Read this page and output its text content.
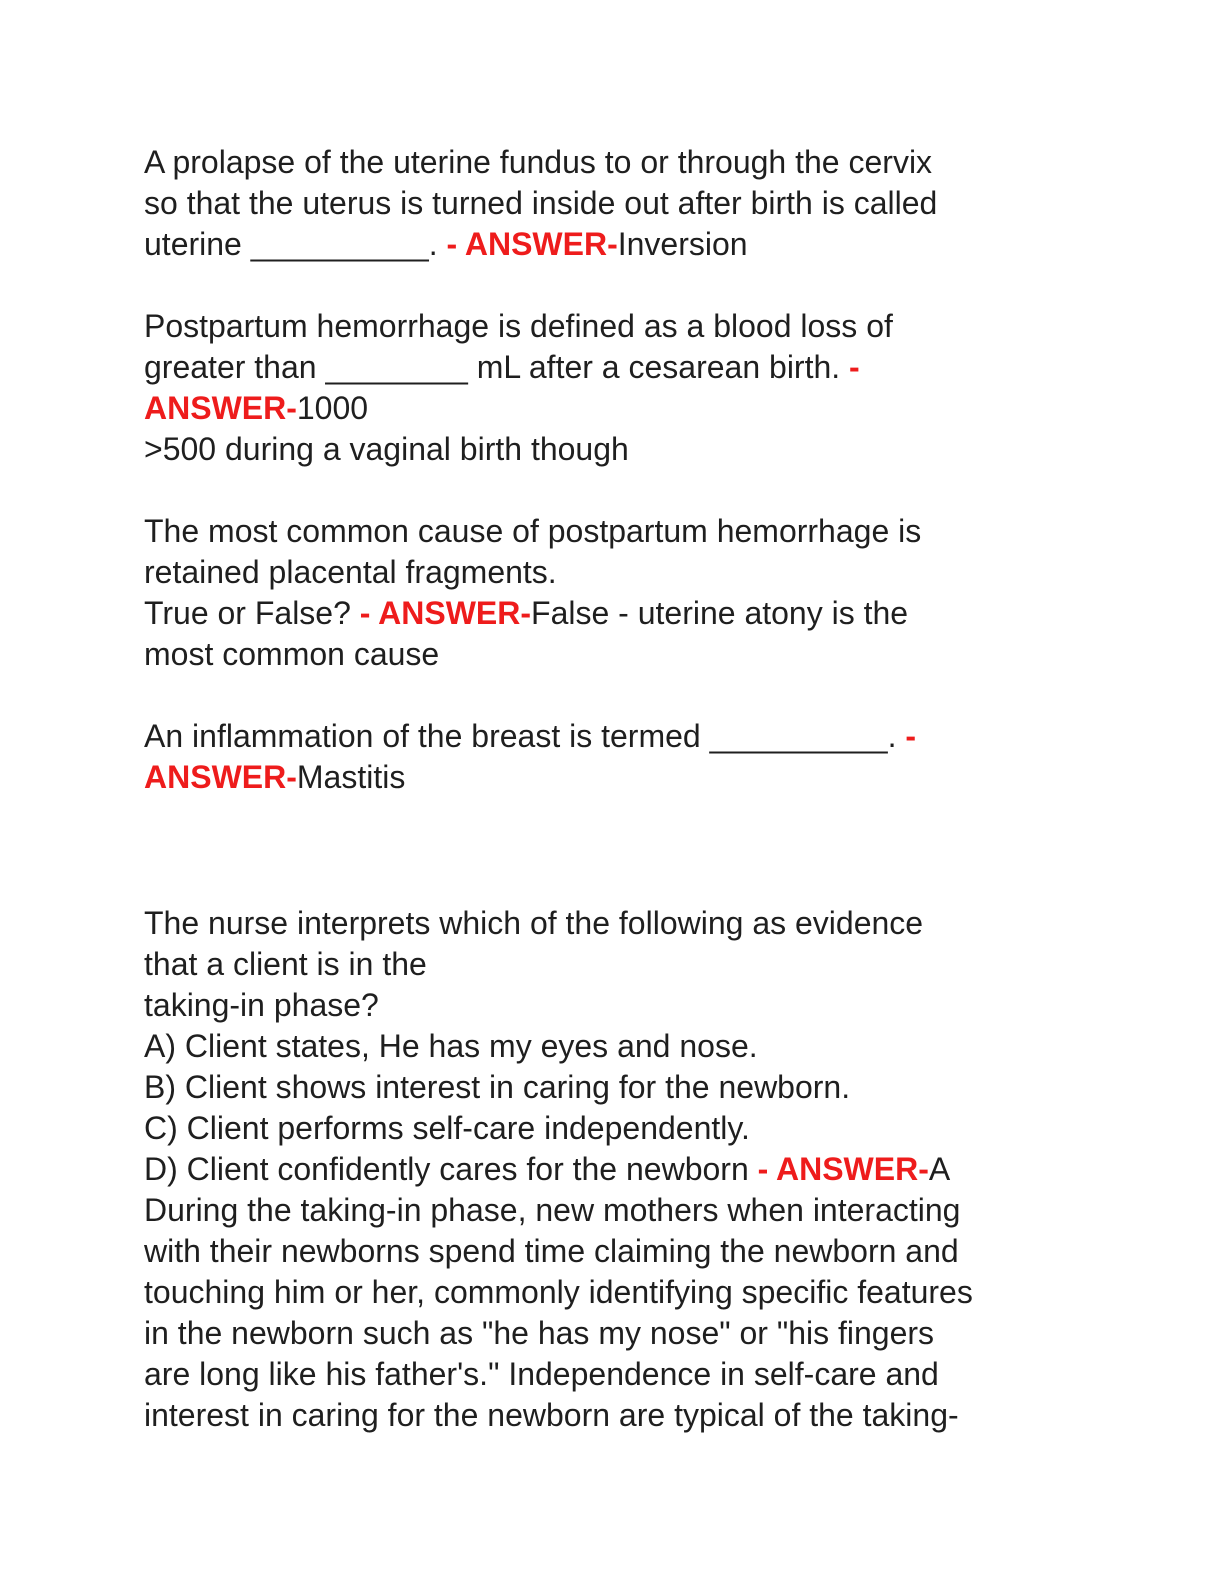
A prolapse of the uterine fundus to or through the cervix
so that the uterus is turned inside out after birth is called
uterine __________. - ANSWER-Inversion
Postpartum hemorrhage is defined as a blood loss of
greater than ________ mL after a cesarean birth. -
ANSWER-1000
>500 during a vaginal birth though
The most common cause of postpartum hemorrhage is
retained placental fragments.
True or False? - ANSWER-False - uterine atony is the
most common cause
An inflammation of the breast is termed __________. -
ANSWER-Mastitis
The nurse interprets which of the following as evidence
that a client is in the
taking-in phase?
A) Client states, He has my eyes and nose.
B) Client shows interest in caring for the newborn.
C) Client performs self-care independently.
D) Client confidently cares for the newborn - ANSWER-A
During the taking-in phase, new mothers when interacting
with their newborns spend time claiming the newborn and
touching him or her, commonly identifying specific features
in the newborn such as "he has my nose" or "his fingers
are long like his father's." Independence in self-care and
interest in caring for the newborn are typical of the taking-
